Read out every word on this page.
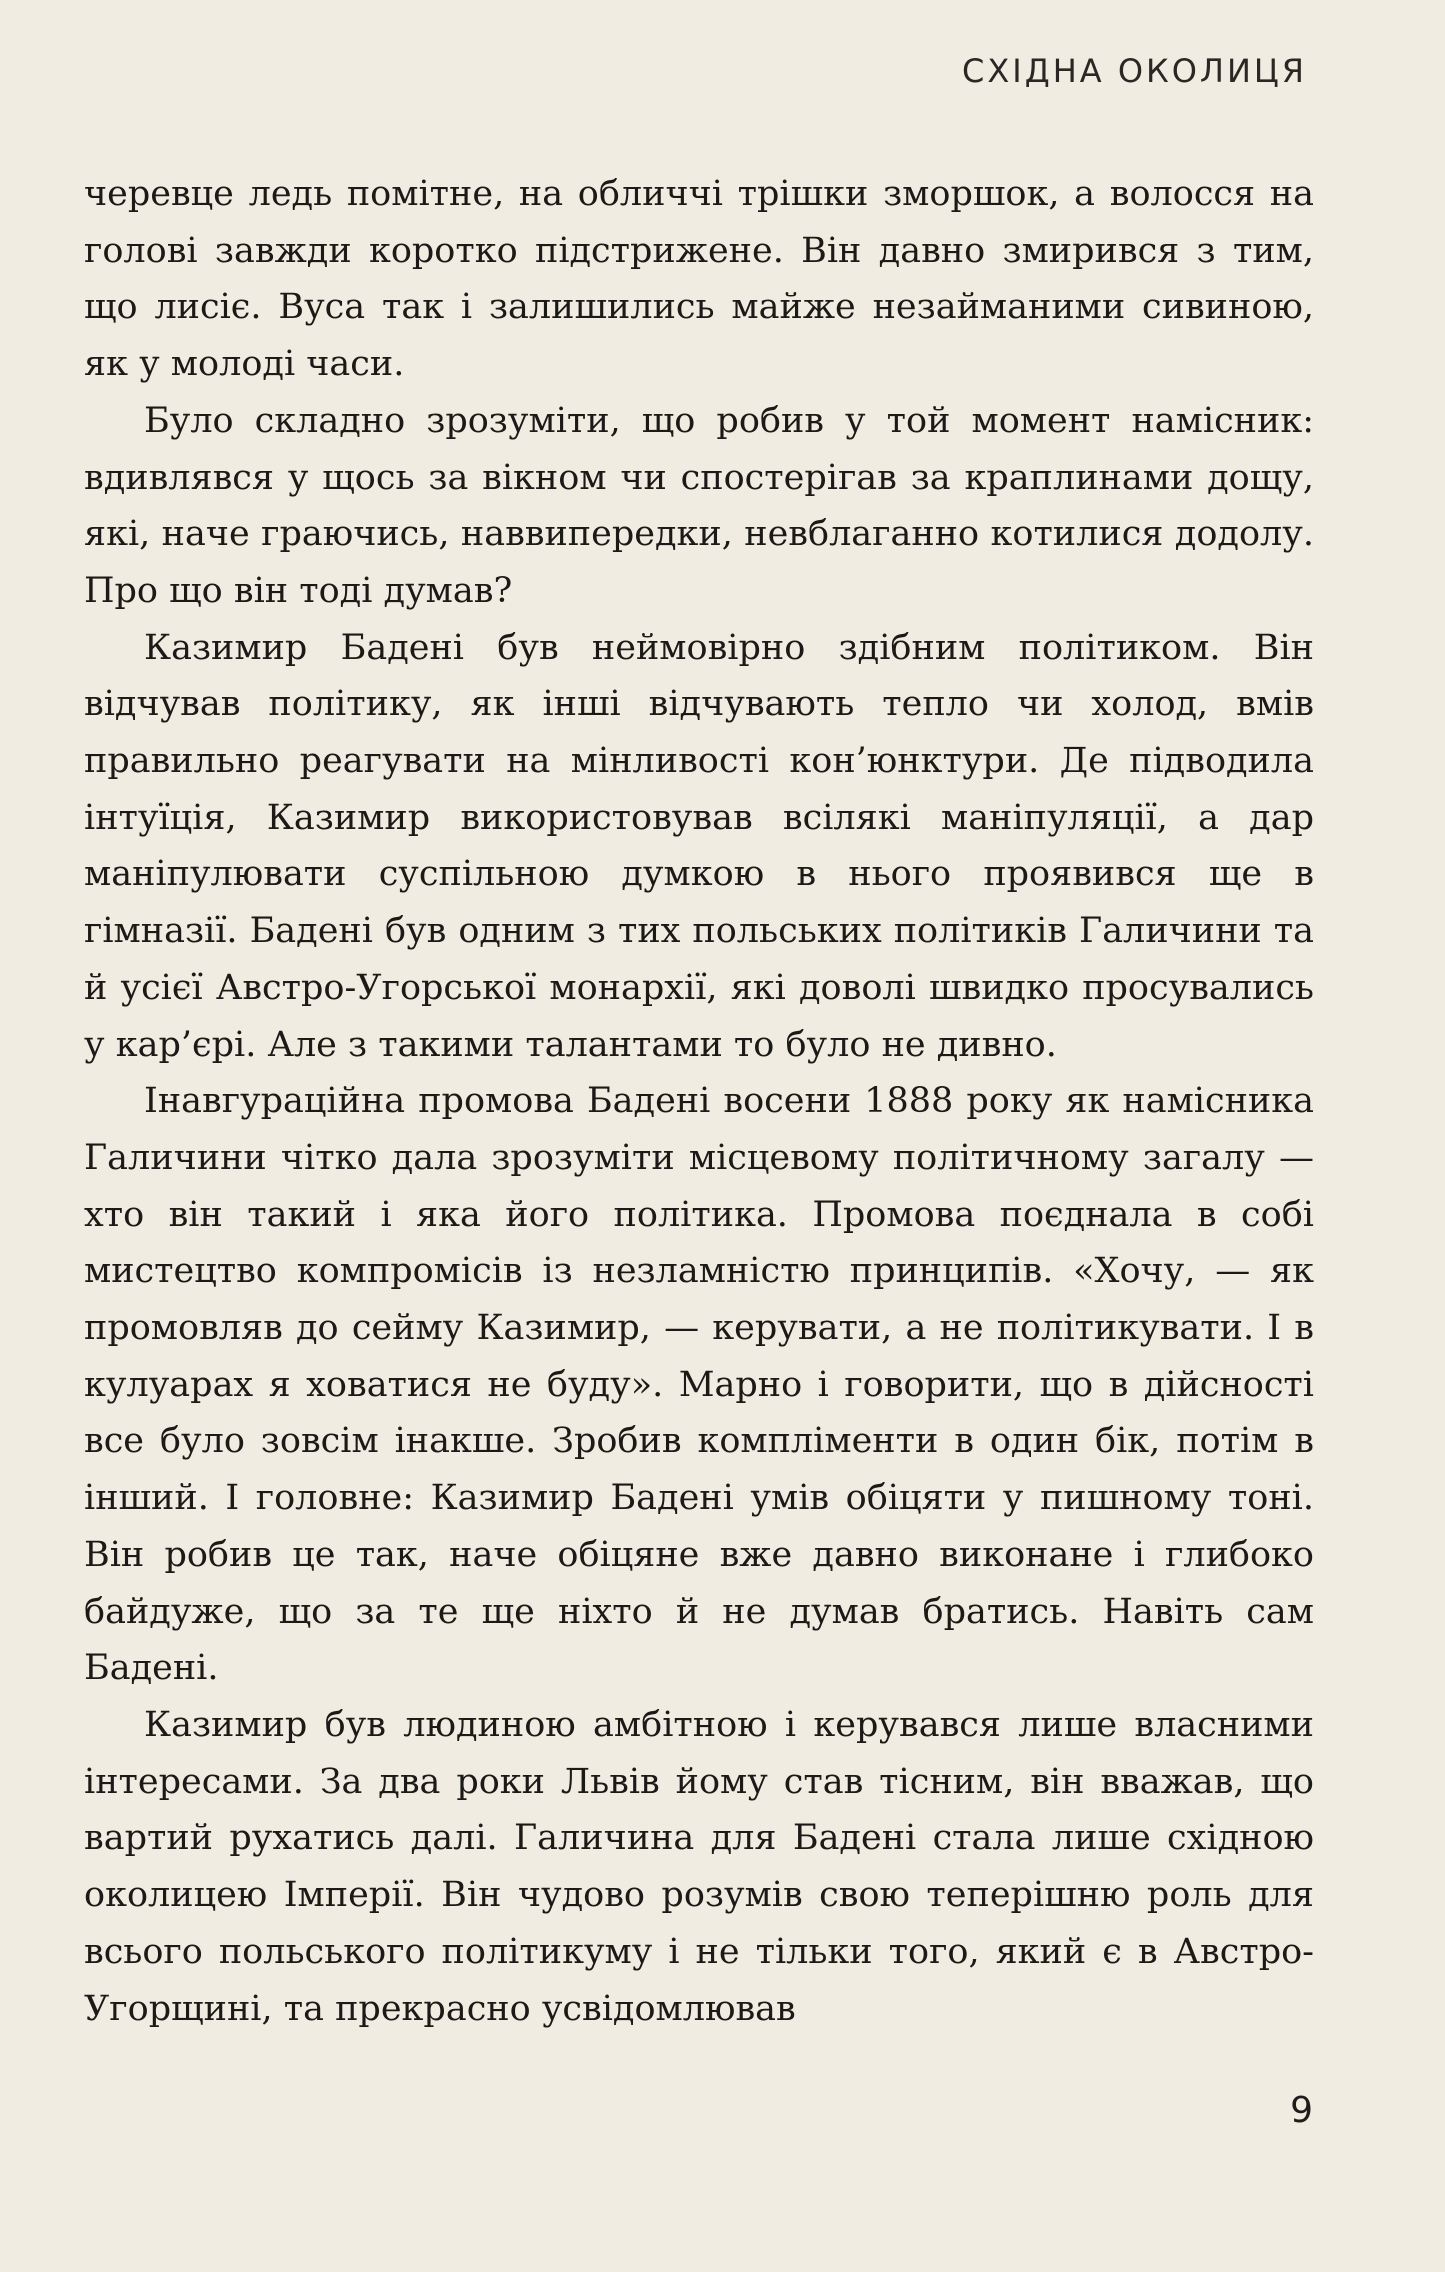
СХІДНА ОКОЛИЦЯ

черевце ледь помітне, на обличчі трішки зморшок, а волосся на голові завжди коротко підстрижене. Він давно змирився з тим, що лисіє. Вуса так і залишились майже незайманими сивиною, як у молоді часи.

Було складно зрозуміти, що робив у той момент намісник: вдивлявся у щось за вікном чи спостерігав за краплинами дощу, які, наче граючись, наввипередки, невблаганно котилися додолу. Про що він тоді думав?

Казимир Бадені був неймовірно здібним політиком. Він відчував політику, як інші відчувають тепло чи холод, вмів правильно реагувати на мінливості кон’юнктури. Де підводила інтуїція, Казимир використовував всілякі маніпуляції, а дар маніпулювати суспільною думкою в нього проявився ще в гімназії. Бадені був одним з тих польських політиків Галичини та й усієї Австро-Угорської монархії, які доволі швидко просувались у кар’єрі. Але з такими талантами то було не дивно.

Інавгураційна промова Бадені восени 1888 року як намісника Галичини чітко дала зрозуміти місцевому політичному загалу — хто він такий і яка його політика. Промова поєднала в собі мистецтво компромісів із незламністю принципів. «Хочу, — як промовляв до сейму Казимир, — керувати, а не політикувати. І в кулуарах я ховатися не буду». Марно і говорити, що в дійсності все було зовсім інакше. Зробив компліменти в один бік, потім в інший. І головне: Казимир Бадені умів обіцяти у пишному тоні. Він робив це так, наче обіцяне вже давно виконане і глибоко байдуже, що за те ще ніхто й не думав братись. Навіть сам Бадені.

Казимир був людиною амбітною і керувався лише власними інтересами. За два роки Львів йому став тісним, він вважав, що вартий рухатись далі. Галичина для Бадені стала лише східною околицею Імперії. Він чудово розумів свою теперішню роль для всього польського політикуму і не тільки того, який є в Австро-Угорщині, та прекрасно усвідомлював

9
